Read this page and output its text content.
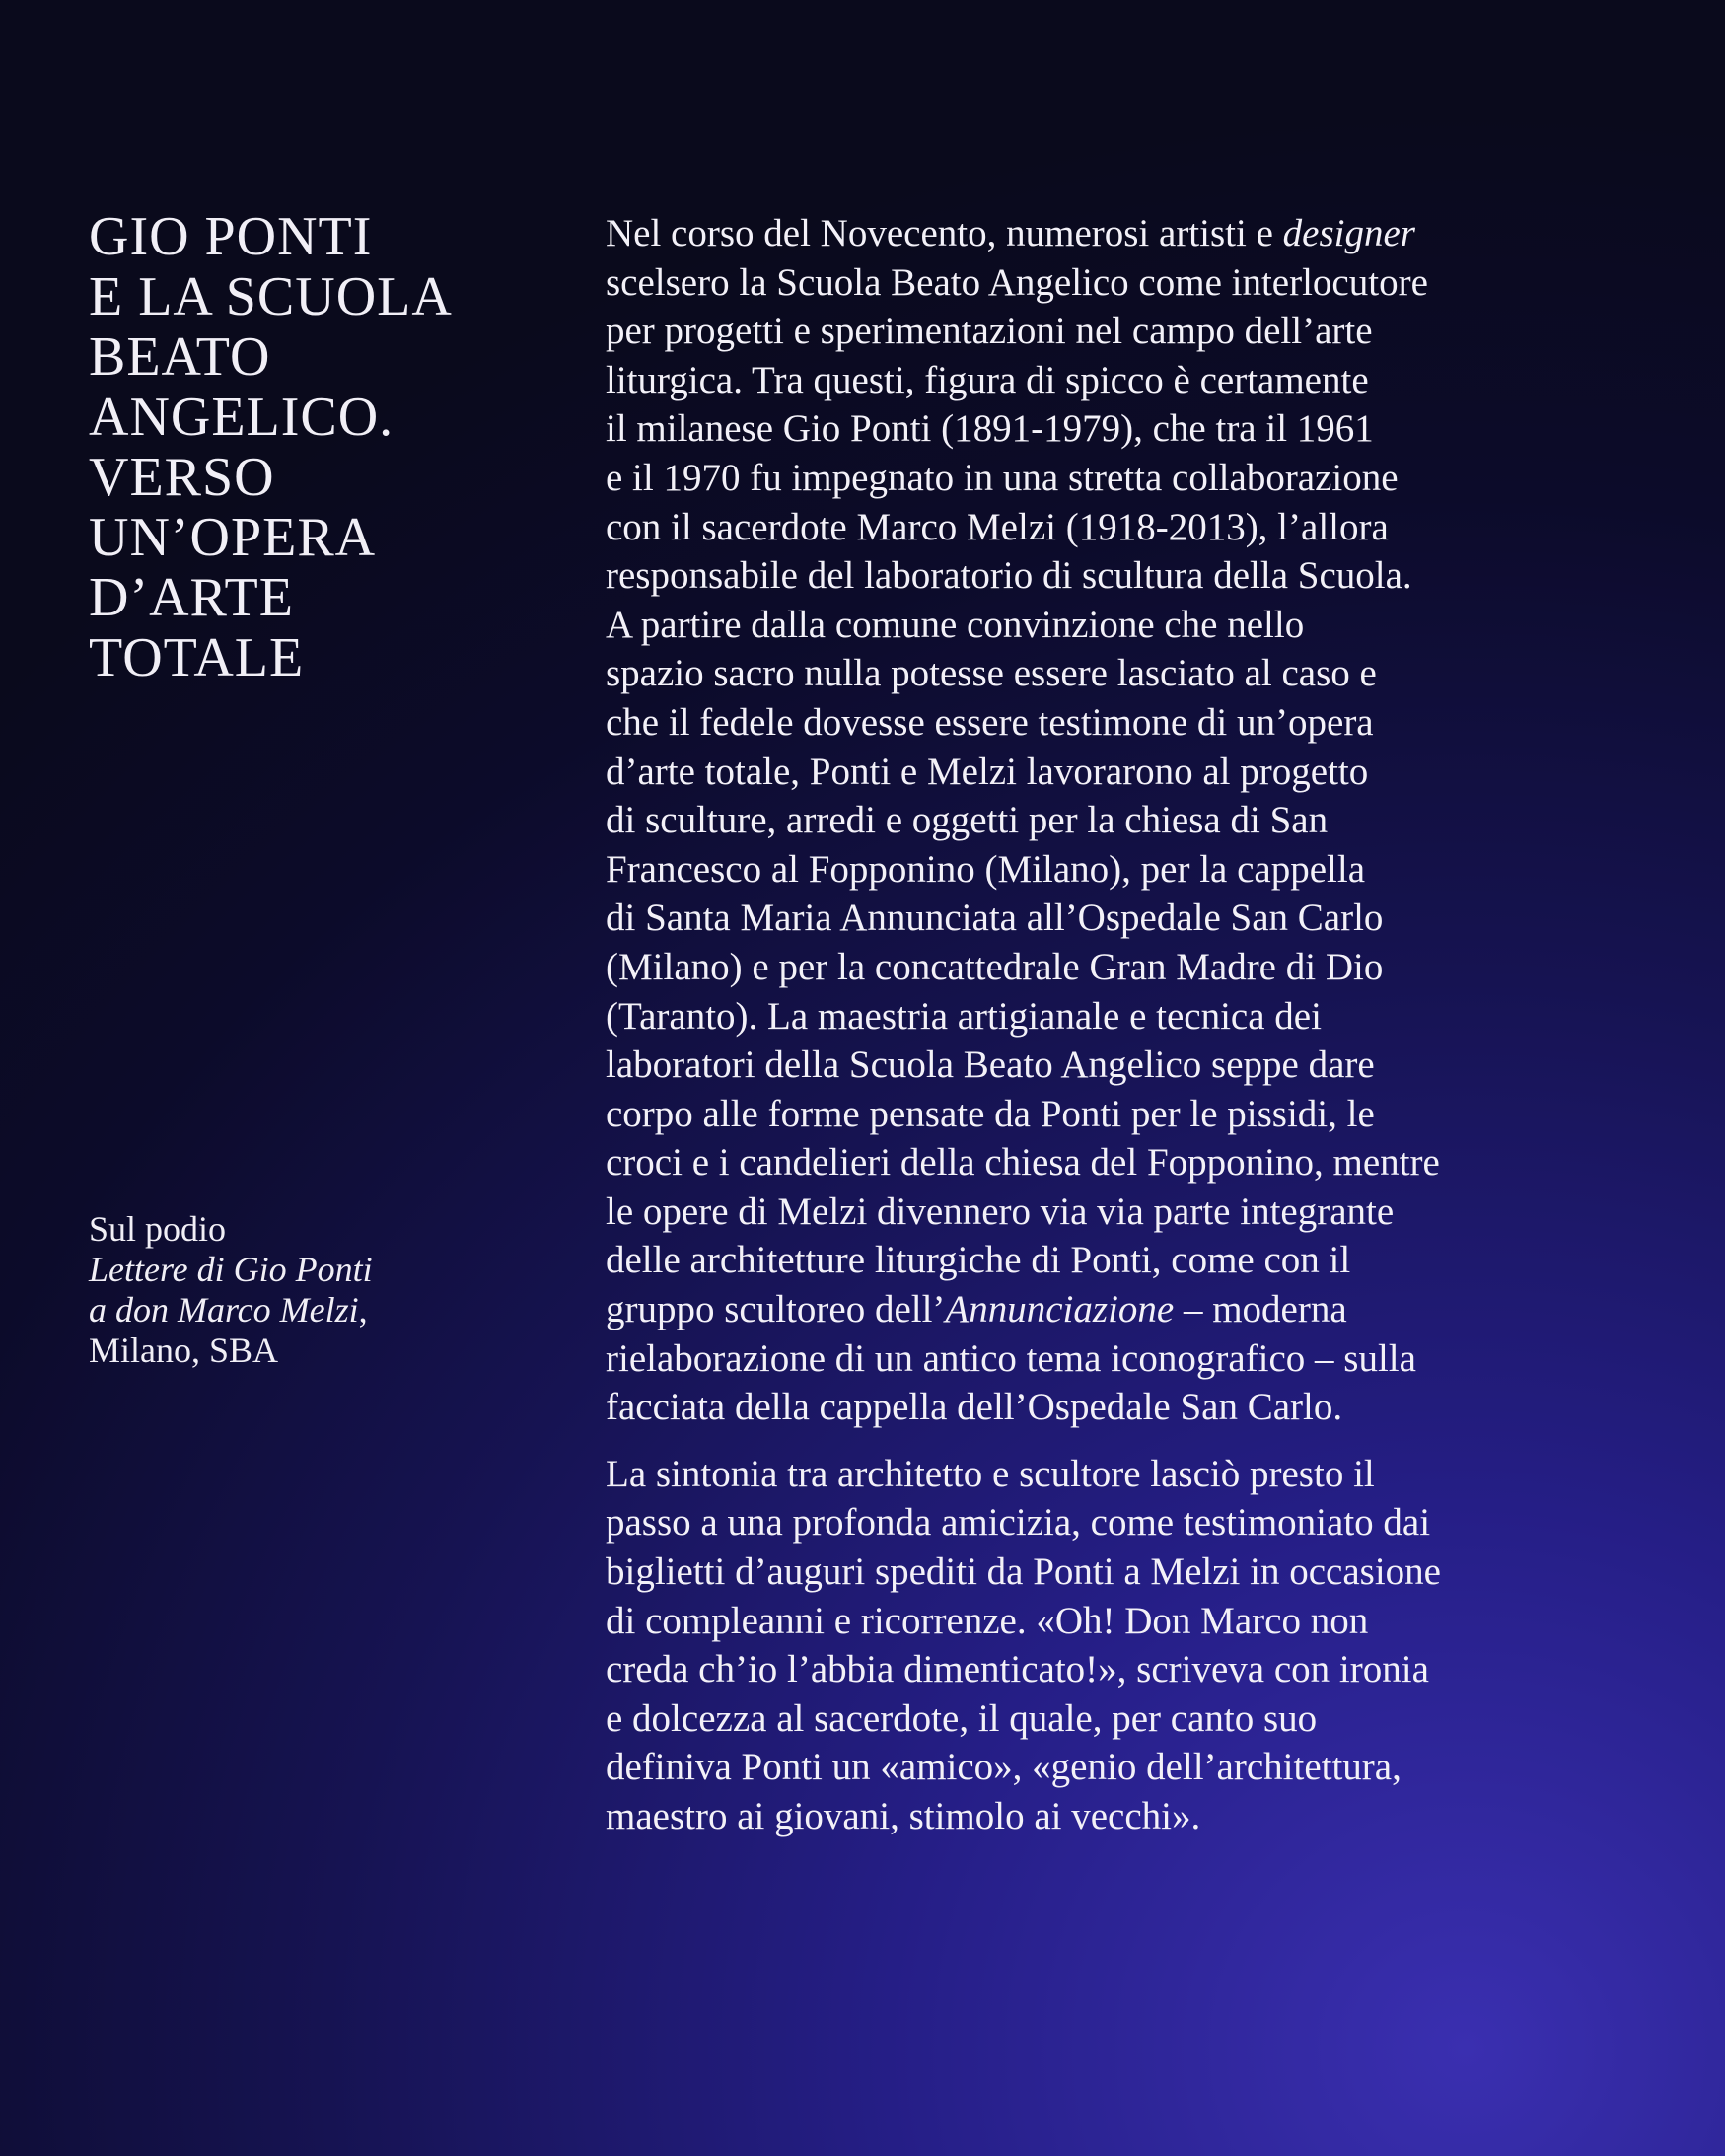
GIO PONTI
E LA SCUOLA
BEATO
ANGELICO.
VERSO
UN’OPERA
D’ARTE
TOTALE
Sul podio
Lettere di Gio Ponti
a don Marco Melzi,
Milano, SBA
Nel corso del Novecento, numerosi artisti e designer
scelsero la Scuola Beato Angelico come interlocutore
per progetti e sperimentazioni nel campo dell’arte
liturgica. Tra questi, figura di spicco è certamente
il milanese Gio Ponti (1891-1979), che tra il 1961
e il 1970 fu impegnato in una stretta collaborazione
con il sacerdote Marco Melzi (1918-2013), l’allora
responsabile del laboratorio di scultura della Scuola.
A partire dalla comune convinzione che nello
spazio sacro nulla potesse essere lasciato al caso e
che il fedele dovesse essere testimone di un’opera
d’arte totale, Ponti e Melzi lavorarono al progetto
di sculture, arredi e oggetti per la chiesa di San
Francesco al Fopponino (Milano), per la cappella
di Santa Maria Annunciata all’Ospedale San Carlo
(Milano) e per la concattedrale Gran Madre di Dio
(Taranto). La maestria artigianale e tecnica dei
laboratori della Scuola Beato Angelico seppe dare
corpo alle forme pensate da Ponti per le pissidi, le
croci e i candelieri della chiesa del Fopponino, mentre
le opere di Melzi divennero via via parte integrante
delle architetture liturgiche di Ponti, come con il
gruppo scultoreo dell’Annunciazione – moderna
rielaborazione di un antico tema iconografico – sulla
facciata della cappella dell’Ospedale San Carlo.
La sintonia tra architetto e scultore lasciò presto il
passo a una profonda amicizia, come testimoniato dai
biglietti d’auguri spediti da Ponti a Melzi in occasione
di compleanni e ricorrenze. «Oh! Don Marco non
creda ch’io l’abbia dimenticato!», scriveva con ironia
e dolcezza al sacerdote, il quale, per canto suo
definiva Ponti un «amico», «genio dell’architettura,
maestro ai giovani, stimolo ai vecchi».
